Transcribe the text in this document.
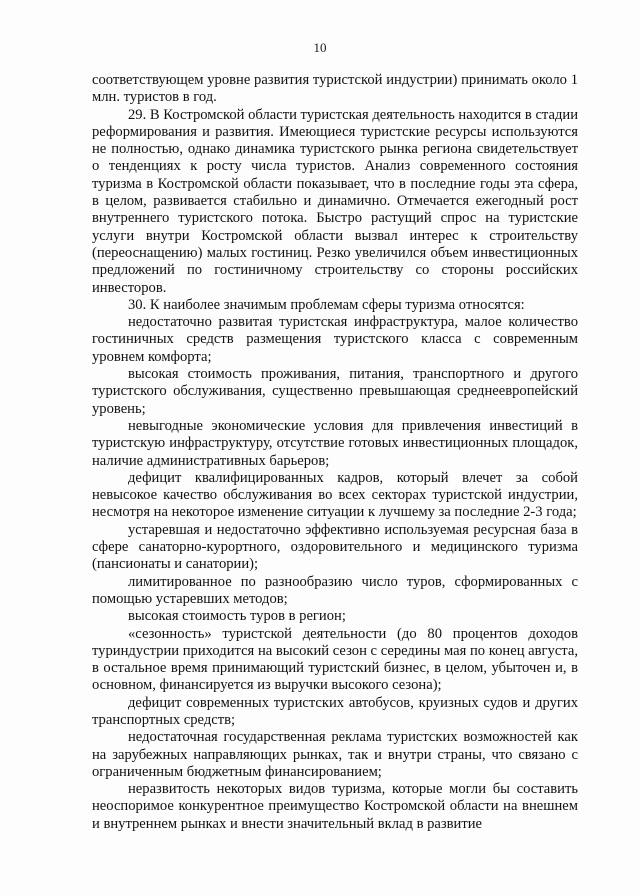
10

соответствующем уровне развития туристской индустрии) принимать около 1 млн. туристов в год.

29. В Костромской области туристская деятельность находится в стадии реформирования и развития. Имеющиеся туристские ресурсы используются не полностью, однако динамика туристского рынка региона свидетельствует о тенденциях к росту числа туристов. Анализ современного состояния туризма в Костромской области показывает, что в последние годы эта сфера, в целом, развивается стабильно и динамично. Отмечается ежегодный рост внутреннего туристского потока. Быстро растущий спрос на туристские услуги внутри Костромской области вызвал интерес к строительству (переоснащению) малых гостиниц. Резко увеличился объем инвестиционных предложений по гостиничному строительству со стороны российских инвесторов.

30. К наиболее значимым проблемам сферы туризма относятся:

недостаточно развитая туристская инфраструктура, малое количество гостиничных средств размещения туристского класса с современным уровнем комфорта;

высокая стоимость проживания, питания, транспортного и другого туристского обслуживания, существенно превышающая среднеевропейский уровень;

невыгодные экономические условия для привлечения инвестиций в туристскую инфраструктуру, отсутствие готовых инвестиционных площадок, наличие административных барьеров;

дефицит квалифицированных кадров, который влечет за собой невысокое качество обслуживания во всех секторах туристской индустрии, несмотря на некоторое изменение ситуации к лучшему за последние 2-3 года;

устаревшая и недостаточно эффективно используемая ресурсная база в сфере санаторно-курортного, оздоровительного и медицинского туризма (пансионаты и санатории);

лимитированное по разнообразию число туров, сформированных с помощью устаревших методов;

высокая стоимость туров в регион;

«сезонность» туристской деятельности (до 80 процентов доходов туриндустрии приходится на высокий сезон с середины мая по конец августа, в остальное время принимающий туристский бизнес, в целом, убыточен и, в основном, финансируется из выручки высокого сезона);

дефицит современных туристских автобусов, круизных судов и других транспортных средств;

недостаточная государственная реклама туристских возможностей как на зарубежных направляющих рынках, так и внутри страны, что связано с ограниченным бюджетным финансированием;

неразвитость некоторых видов туризма, которые могли бы составить неоспоримое конкурентное преимущество Костромской области на внешнем и внутреннем рынках и внести значительный вклад в развитие
